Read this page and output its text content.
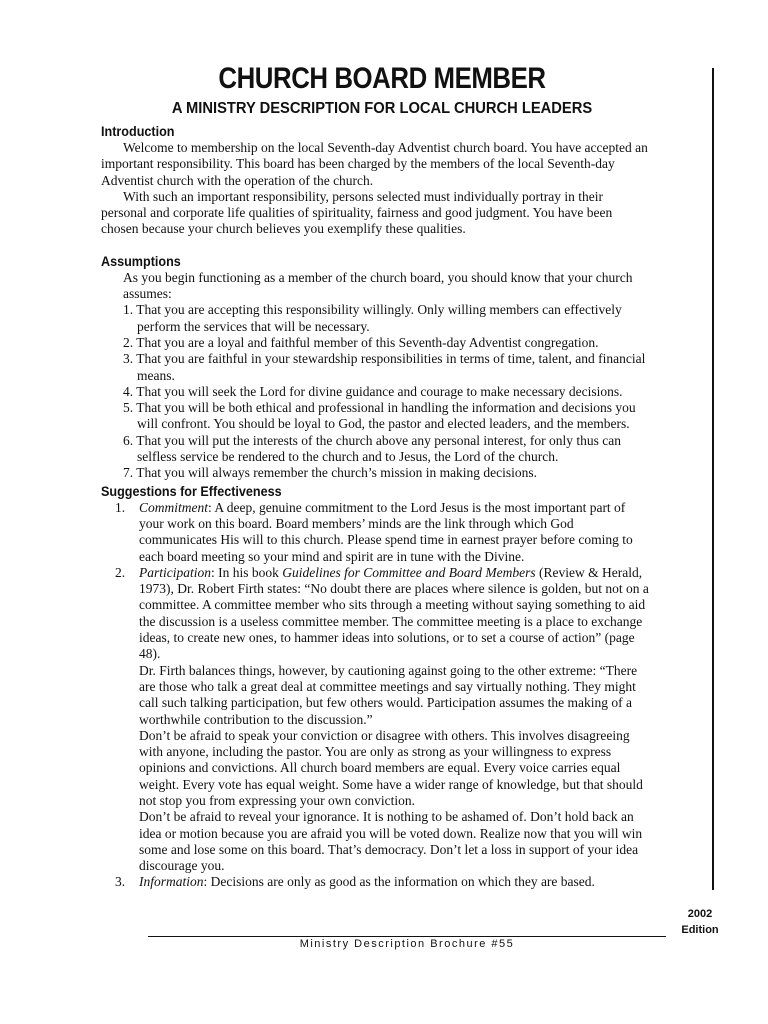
CHURCH BOARD MEMBER
A MINISTRY DESCRIPTION FOR LOCAL CHURCH LEADERS
Introduction

Welcome to membership on the local Seventh-day Adventist church board. You have accepted an important responsibility. This board has been charged by the members of the local Seventh-day Adventist church with the operation of the church.

With such an important responsibility, persons selected must individually portray in their personal and corporate life qualities of spirituality, fairness and good judgment. You have been chosen because your church believes you exemplify these qualities.

Assumptions

As you begin functioning as a member of the church board, you should know that your church assumes:

1. That you are accepting this responsibility willingly. Only willing members can effectively perform the services that will be necessary.
2. That you are a loyal and faithful member of this Seventh-day Adventist congregation.
3. That you are faithful in your stewardship responsibilities in terms of time, talent, and financial means.
4. That you will seek the Lord for divine guidance and courage to make necessary decisions.
5. That you will be both ethical and professional in handling the information and decisions you will confront. You should be loyal to God, the pastor and elected leaders, and the members.
6. That you will put the interests of the church above any personal interest, for only thus can selfless service be rendered to the church and to Jesus, the Lord of the church.
7. That you will always remember the church’s mission in making decisions.
Suggestions for Effectiveness
1. Commitment: A deep, genuine commitment to the Lord Jesus is the most important part of your work on this board. Board members’ minds are the link through which God communicates His will to this church. Please spend time in earnest prayer before coming to each board meeting so your mind and spirit are in tune with the Divine.
2. Participation: In his book Guidelines for Committee and Board Members (Review & Herald, 1973), Dr. Robert Firth states: “No doubt there are places where silence is golden, but not on a committee. A committee member who sits through a meeting without saying something to aid the discussion is a useless committee member. The committee meeting is a place to exchange ideas, to create new ones, to hammer ideas into solutions, or to set a course of action” (page 48).

Dr. Firth balances things, however, by cautioning against going to the other extreme: “There are those who talk a great deal at committee meetings and say virtually nothing. They might call such talking participation, but few others would. Participation assumes the making of a worthwhile contribution to the discussion.”

Don’t be afraid to speak your conviction or disagree with others. This involves disagreeing with anyone, including the pastor. You are only as strong as your willingness to express opinions and convictions. All church board members are equal. Every voice carries equal weight. Every vote has equal weight. Some have a wider range of knowledge, but that should not stop you from expressing your own conviction.

Don’t be afraid to reveal your ignorance. It is nothing to be ashamed of. Don’t hold back an idea or motion because you are afraid you will be voted down. Realize now that you will win some and lose some on this board. That’s democracy. Don’t let a loss in support of your idea discourage you.

3. Information: Decisions are only as good as the information on which they are based.
2002
Edition
Ministry Description Brochure #55
